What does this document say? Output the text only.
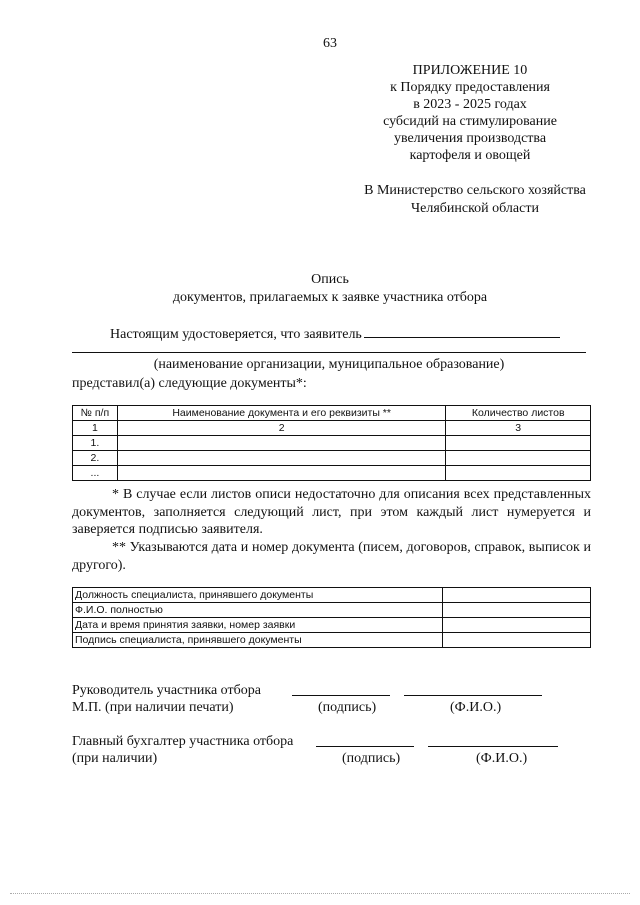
63
ПРИЛОЖЕНИЕ 10
к Порядку предоставления
в 2023 - 2025 годах
субсидий на стимулирование
увеличения производства
картофеля и овощей
В Министерство сельского хозяйства
Челябинской области
Опись
документов, прилагаемых к заявке участника отбора
Настоящим удостоверяется, что заявитель
(наименование организации, муниципальное образование)
представил(а) следующие документы*:
№ п/п	Наименование документа и его реквизиты **	Количество листов
1	2	3
1.		
2.		
...		
* В случае если листов описи недостаточно для описания всех представленных документов, заполняется следующий лист, при этом каждый лист нумеруется и заверяется подписью заявителя.
** Указываются дата и номер документа (писем, договоров, справок, выписок и другого).
Должность специалиста, принявшего документы	
Ф.И.О. полностью	
Дата и время принятия заявки, номер заявки	
Подпись специалиста, принявшего документы	
Руководитель участника отбора
М.П. (при наличии печати)	(подпись)	(Ф.И.О.)
Главный бухгалтер участника отбора
(при наличии)	(подпись)	(Ф.И.О.)
